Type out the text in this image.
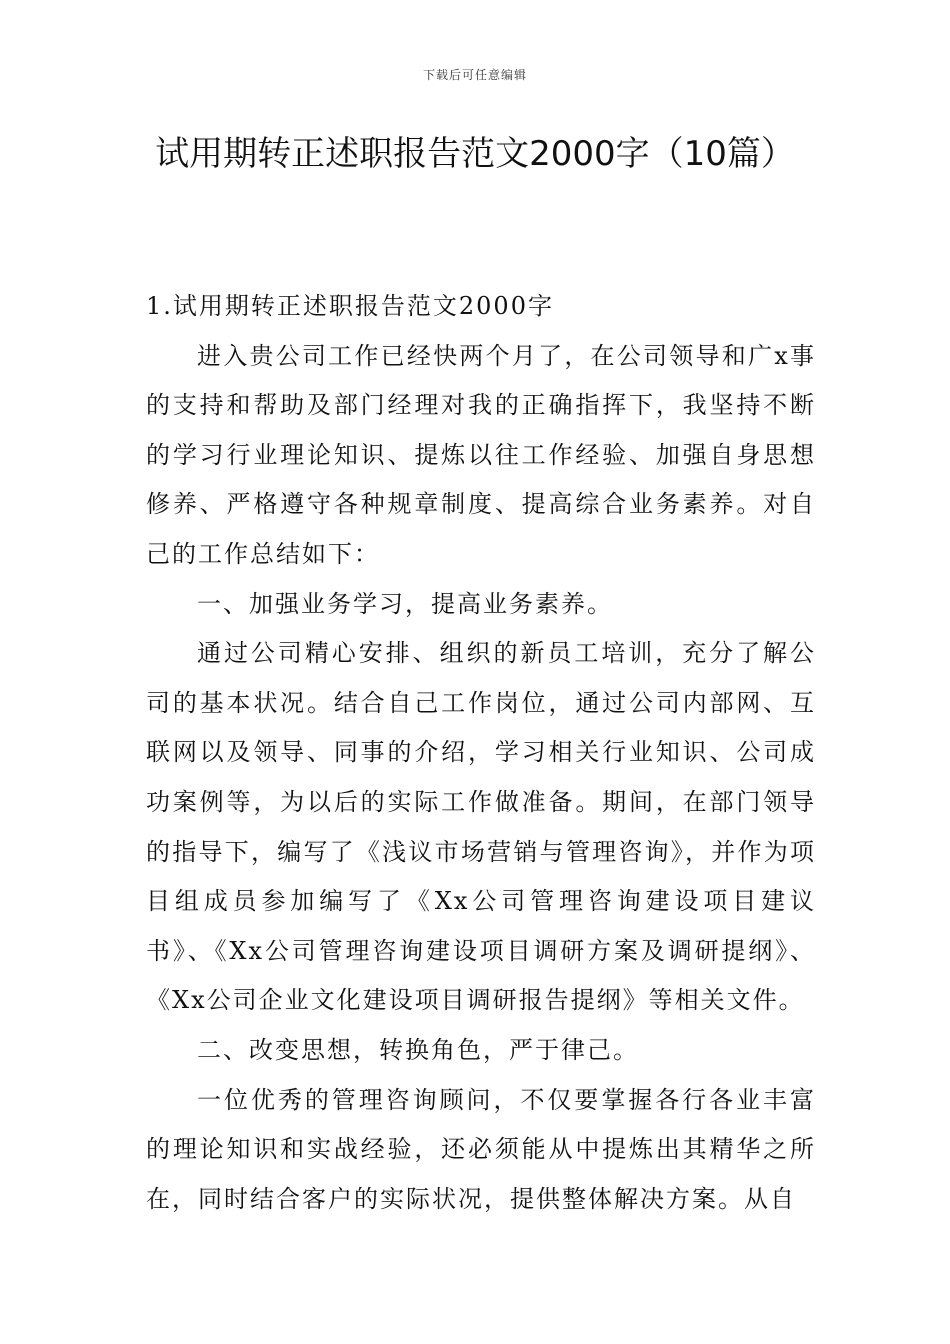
下载后可任意编辑
试用期转正述职报告范文2000字（10篇）

1.试用期转正述职报告范文2000字

进入贵公司工作已经快两个月了，在公司领导和广x事的支持和帮助及部门经理对我的正确指挥下，我坚持不断的学习行业理论知识、提炼以往工作经验、加强自身思想修养、严格遵守各种规章制度、提高综合业务素养。对自己的工作总结如下：

一、加强业务学习，提高业务素养。

通过公司精心安排、组织的新员工培训，充分了解公司的基本状况。结合自己工作岗位，通过公司内部网、互联网以及领导、同事的介绍，学习相关行业知识、公司成功案例等，为以后的实际工作做准备。期间，在部门领导的指导下，编写了《浅议市场营销与管理咨询》，并作为项目组成员参加编写了《Xx公司管理咨询建设项目建议书》、《Xx公司管理咨询建设项目调研方案及调研提纲》、《Xx公司企业文化建设项目调研报告提纲》等相关文件。

二、改变思想，转换角色，严于律己。

一位优秀的管理咨询顾问，不仅要掌握各行各业丰富的理论知识和实战经验，还必须能从中提炼出其精华之所在，同时结合客户的实际状况，提供整体解决方案。从自
